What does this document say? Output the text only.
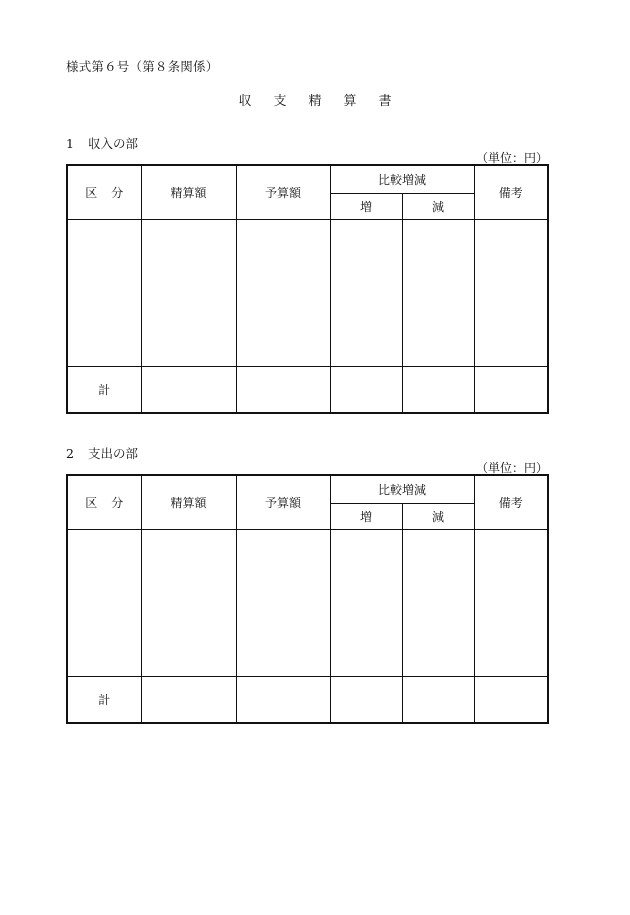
様式第６号（第８条関係）
収支精算書
1 収入の部
（単位：円）
区分	精算額	予算額	比較増減		備考
			増	減	

計					
2 支出の部
（単位：円）
区分	精算額	予算額	比較増減		備考
			増	減	

計					
